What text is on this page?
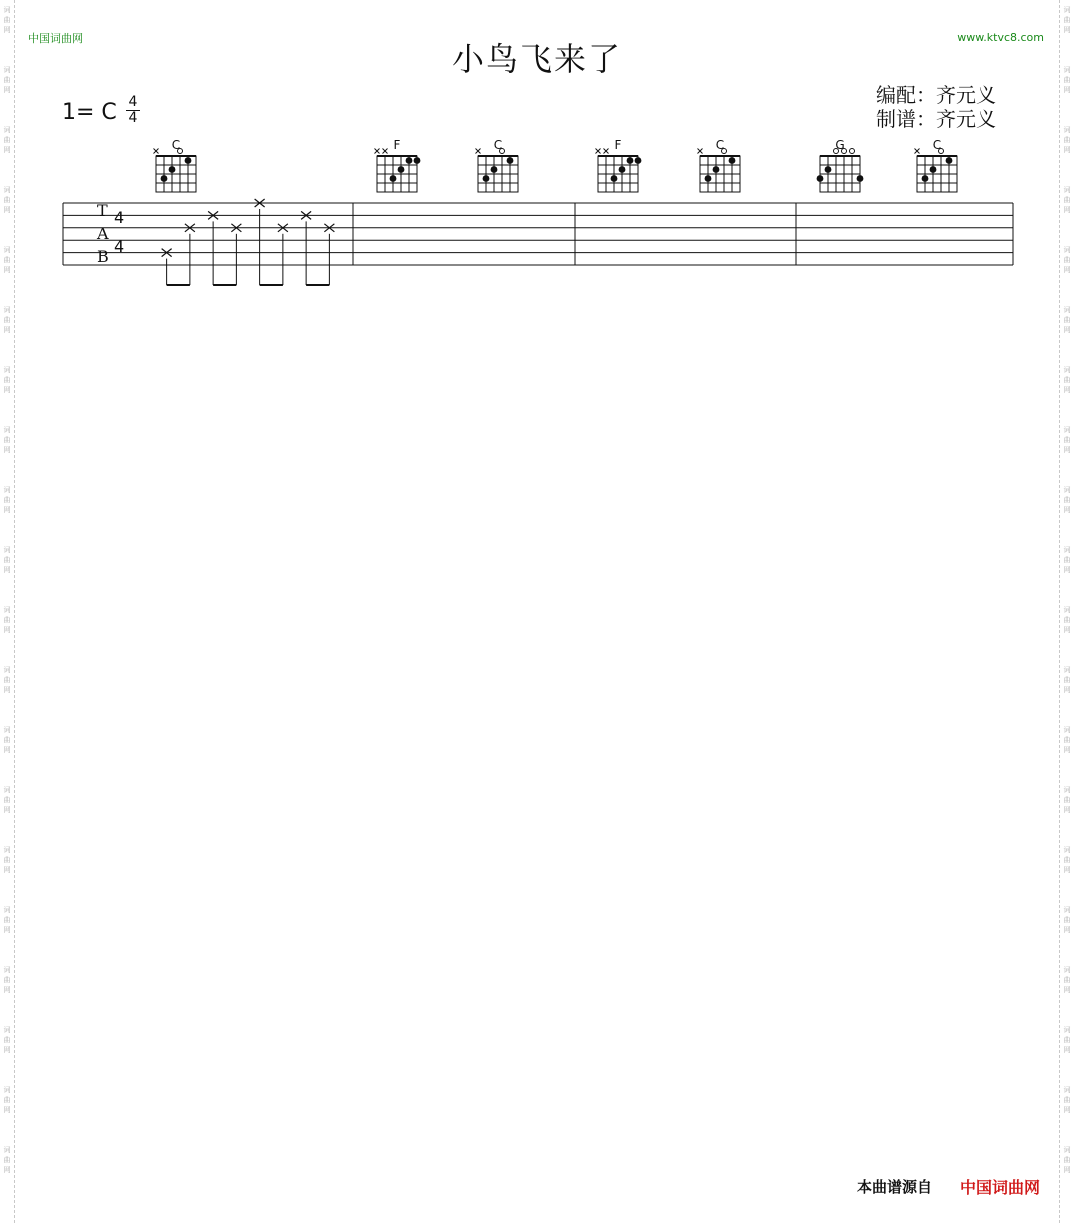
词
曲
网
词
曲
网
词
曲
网
词
曲
网
词
曲
网
词
曲
网
词
曲
网
词
曲
网
词
曲
网
词
曲
网
词
曲
网
词
曲
网
词
曲
网
词
曲
网
词
曲
网
词
曲
网
词
曲
网
词
曲
网
词
曲
网
词
曲
网
词
曲
网
词
曲
网
词
曲
网
词
曲
网
词
曲
网
词
曲
网
词
曲
网
词
曲
网
词
曲
网
词
曲
网
词
曲
网
词
曲
网
词
曲
网
词
曲
网
词
曲
网
词
曲
网
词
曲
网
词
曲
网
词
曲
网
词
曲
网
中国词曲网	www.ktvc8.com
小鸟飞来了
1= C 4
4
编配：齐元义
制谱：齐元义
T
A
B
4
4
C	F	C	F	C	G	C
本曲谱源自 中国词曲网
